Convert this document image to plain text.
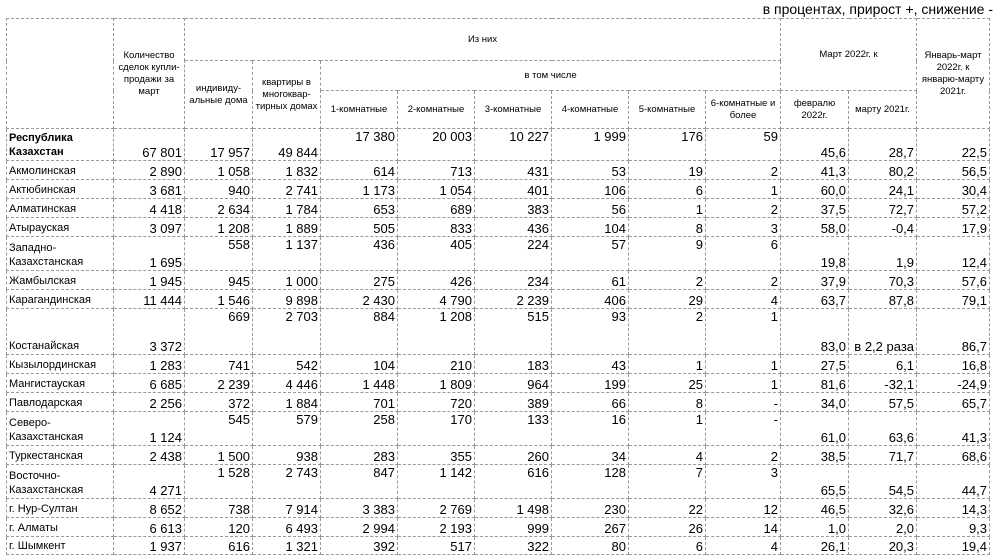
в процентах, прирост +, снижение -
	Количество сделок купли-продажи за март	Из них								Март 2022г. к		Январь-март 2022г. к январю-марту 2021г.
		индивиду-альные дома	квартиры в многоквар-тирных домах	в том числе								
				1-комнатные	2-комнатные	3-комнатные	4-комнатные	5-комнатные	6-комнатные и более	февралю 2022г.	марту 2021г.	
Республика Казахстан	67 801	17 957	49 844	17 380	20 003	10 227	1 999	176	59	45,6	28,7	22,5
Акмолинская	2 890	1 058	1 832	614	713	431	53	19	2	41,3	80,2	56,5
Актюбинская	3 681	940	2 741	1 173	1 054	401	106	6	1	60,0	24,1	30,4
Алматинская	4 418	2 634	1 784	653	689	383	56	1	2	37,5	72,7	57,2
Атырауская	3 097	1 208	1 889	505	833	436	104	8	3	58,0	-0,4	17,9
Западно-Казахстанская	1 695	558	1 137	436	405	224	57	9	6	19,8	1,9	12,4
Жамбылская	1 945	945	1 000	275	426	234	61	2	2	37,9	70,3	57,6
Карагандинская	11 444	1 546	9 898	2 430	4 790	2 239	406	29	4	63,7	87,8	79,1
Костанайская	3 372	669	2 703	884	1 208	515	93	2	1	83,0	в 2,2 раза	86,7
Кызылординская	1 283	741	542	104	210	183	43	1	1	27,5	6,1	16,8
Мангистауская	6 685	2 239	4 446	1 448	1 809	964	199	25	1	81,6	-32,1	-24,9
Павлодарская	2 256	372	1 884	701	720	389	66	8	-	34,0	57,5	65,7
Северо-Казахстанская	1 124	545	579	258	170	133	16	1	-	61,0	63,6	41,3
Туркестанская	2 438	1 500	938	283	355	260	34	4	2	38,5	71,7	68,6
Восточно-Казахстанская	4 271	1 528	2 743	847	1 142	616	128	7	3	65,5	54,5	44,7
г. Нур-Султан	8 652	738	7 914	3 383	2 769	1 498	230	22	12	46,5	32,6	14,3
г. Алматы	6 613	120	6 493	2 994	2 193	999	267	26	14	1,0	2,0	9,3
г. Шымкент	1 937	616	1 321	392	517	322	80	6	4	26,1	20,3	19,4
